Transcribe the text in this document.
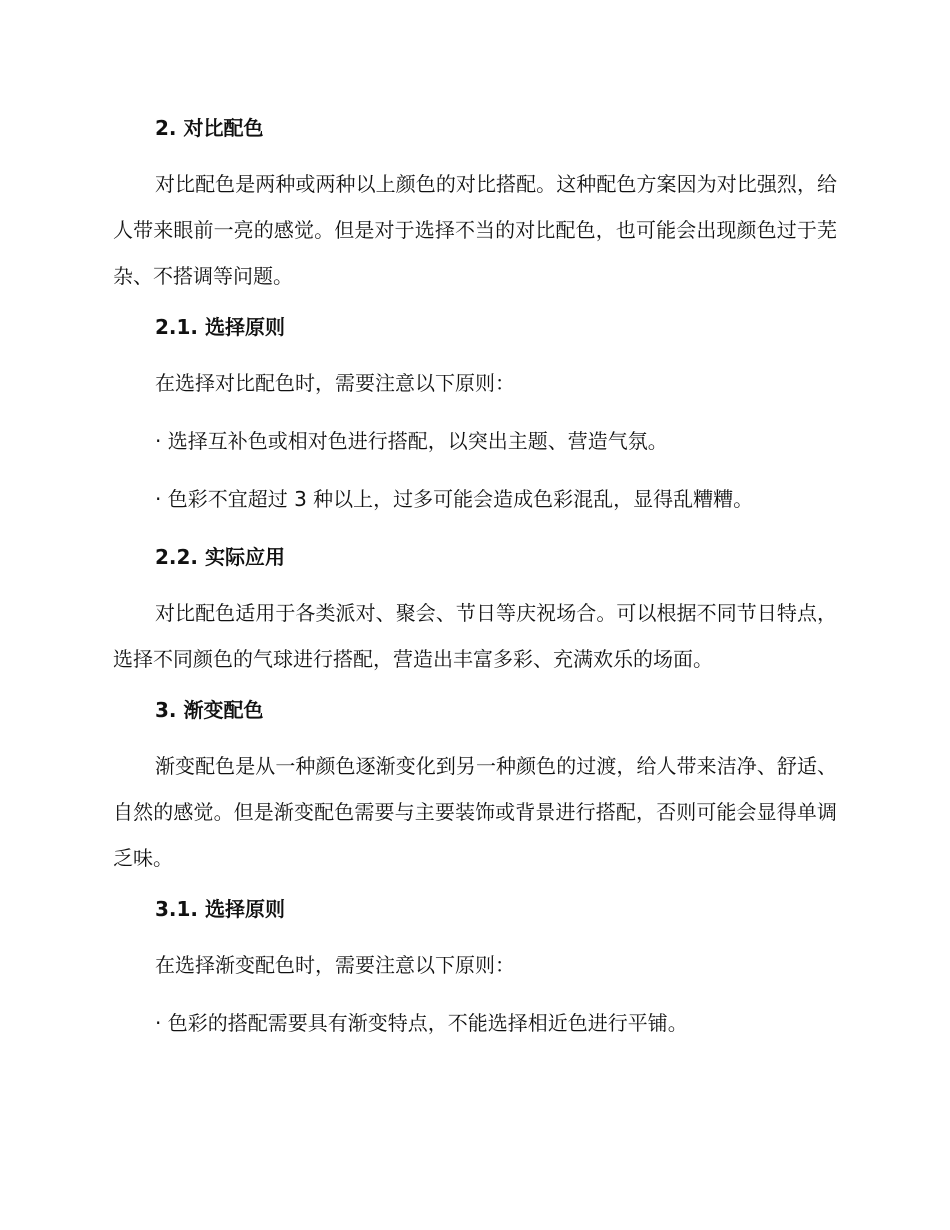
2. 对比配色
对比配色是两种或两种以上颜色的对比搭配。这种配色方案因为对比强烈，给人带来眼前一亮的感觉。但是对于选择不当的对比配色，也可能会出现颜色过于芜杂、不搭调等问题。
2.1. 选择原则
在选择对比配色时，需要注意以下原则：
· 选择互补色或相对色进行搭配，以突出主题、营造气氛。
· 色彩不宜超过 3 种以上，过多可能会造成色彩混乱，显得乱糟糟。
2.2. 实际应用
对比配色适用于各类派对、聚会、节日等庆祝场合。可以根据不同节日特点，选择不同颜色的气球进行搭配，营造出丰富多彩、充满欢乐的场面。
3. 渐变配色
渐变配色是从一种颜色逐渐变化到另一种颜色的过渡，给人带来洁净、舒适、自然的感觉。但是渐变配色需要与主要装饰或背景进行搭配，否则可能会显得单调乏味。
3.1. 选择原则
在选择渐变配色时，需要注意以下原则：
· 色彩的搭配需要具有渐变特点，不能选择相近色进行平铺。
